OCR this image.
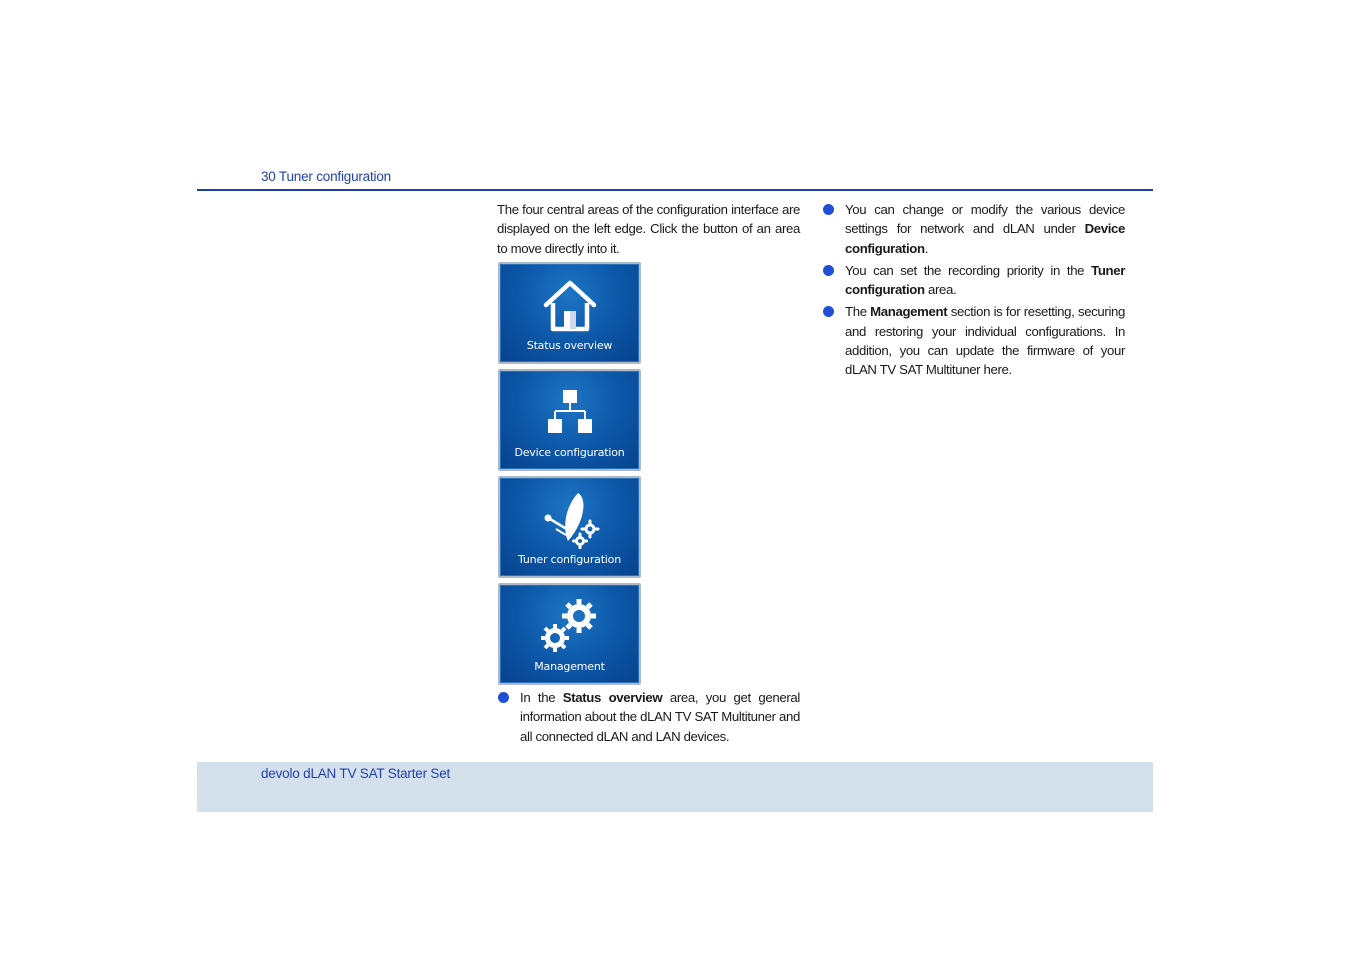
30 Tuner configuration

The four central areas of the configuration interface are displayed on the left edge. Click the button of an area to move directly into it.

Status overview
Device configuration
Tuner configuration
Management

In the Status overview area, you get general information about the dLAN TV SAT Multituner and all connected dLAN and LAN devices.

You can change or modify the various device settings for network and dLAN under Device configuration.

You can set the recording priority in the Tuner configuration area.

The Management section is for resetting, securing and restoring your individual configurations. In addition, you can update the firmware of your dLAN TV SAT Multituner here.

devolo dLAN TV SAT Starter Set
